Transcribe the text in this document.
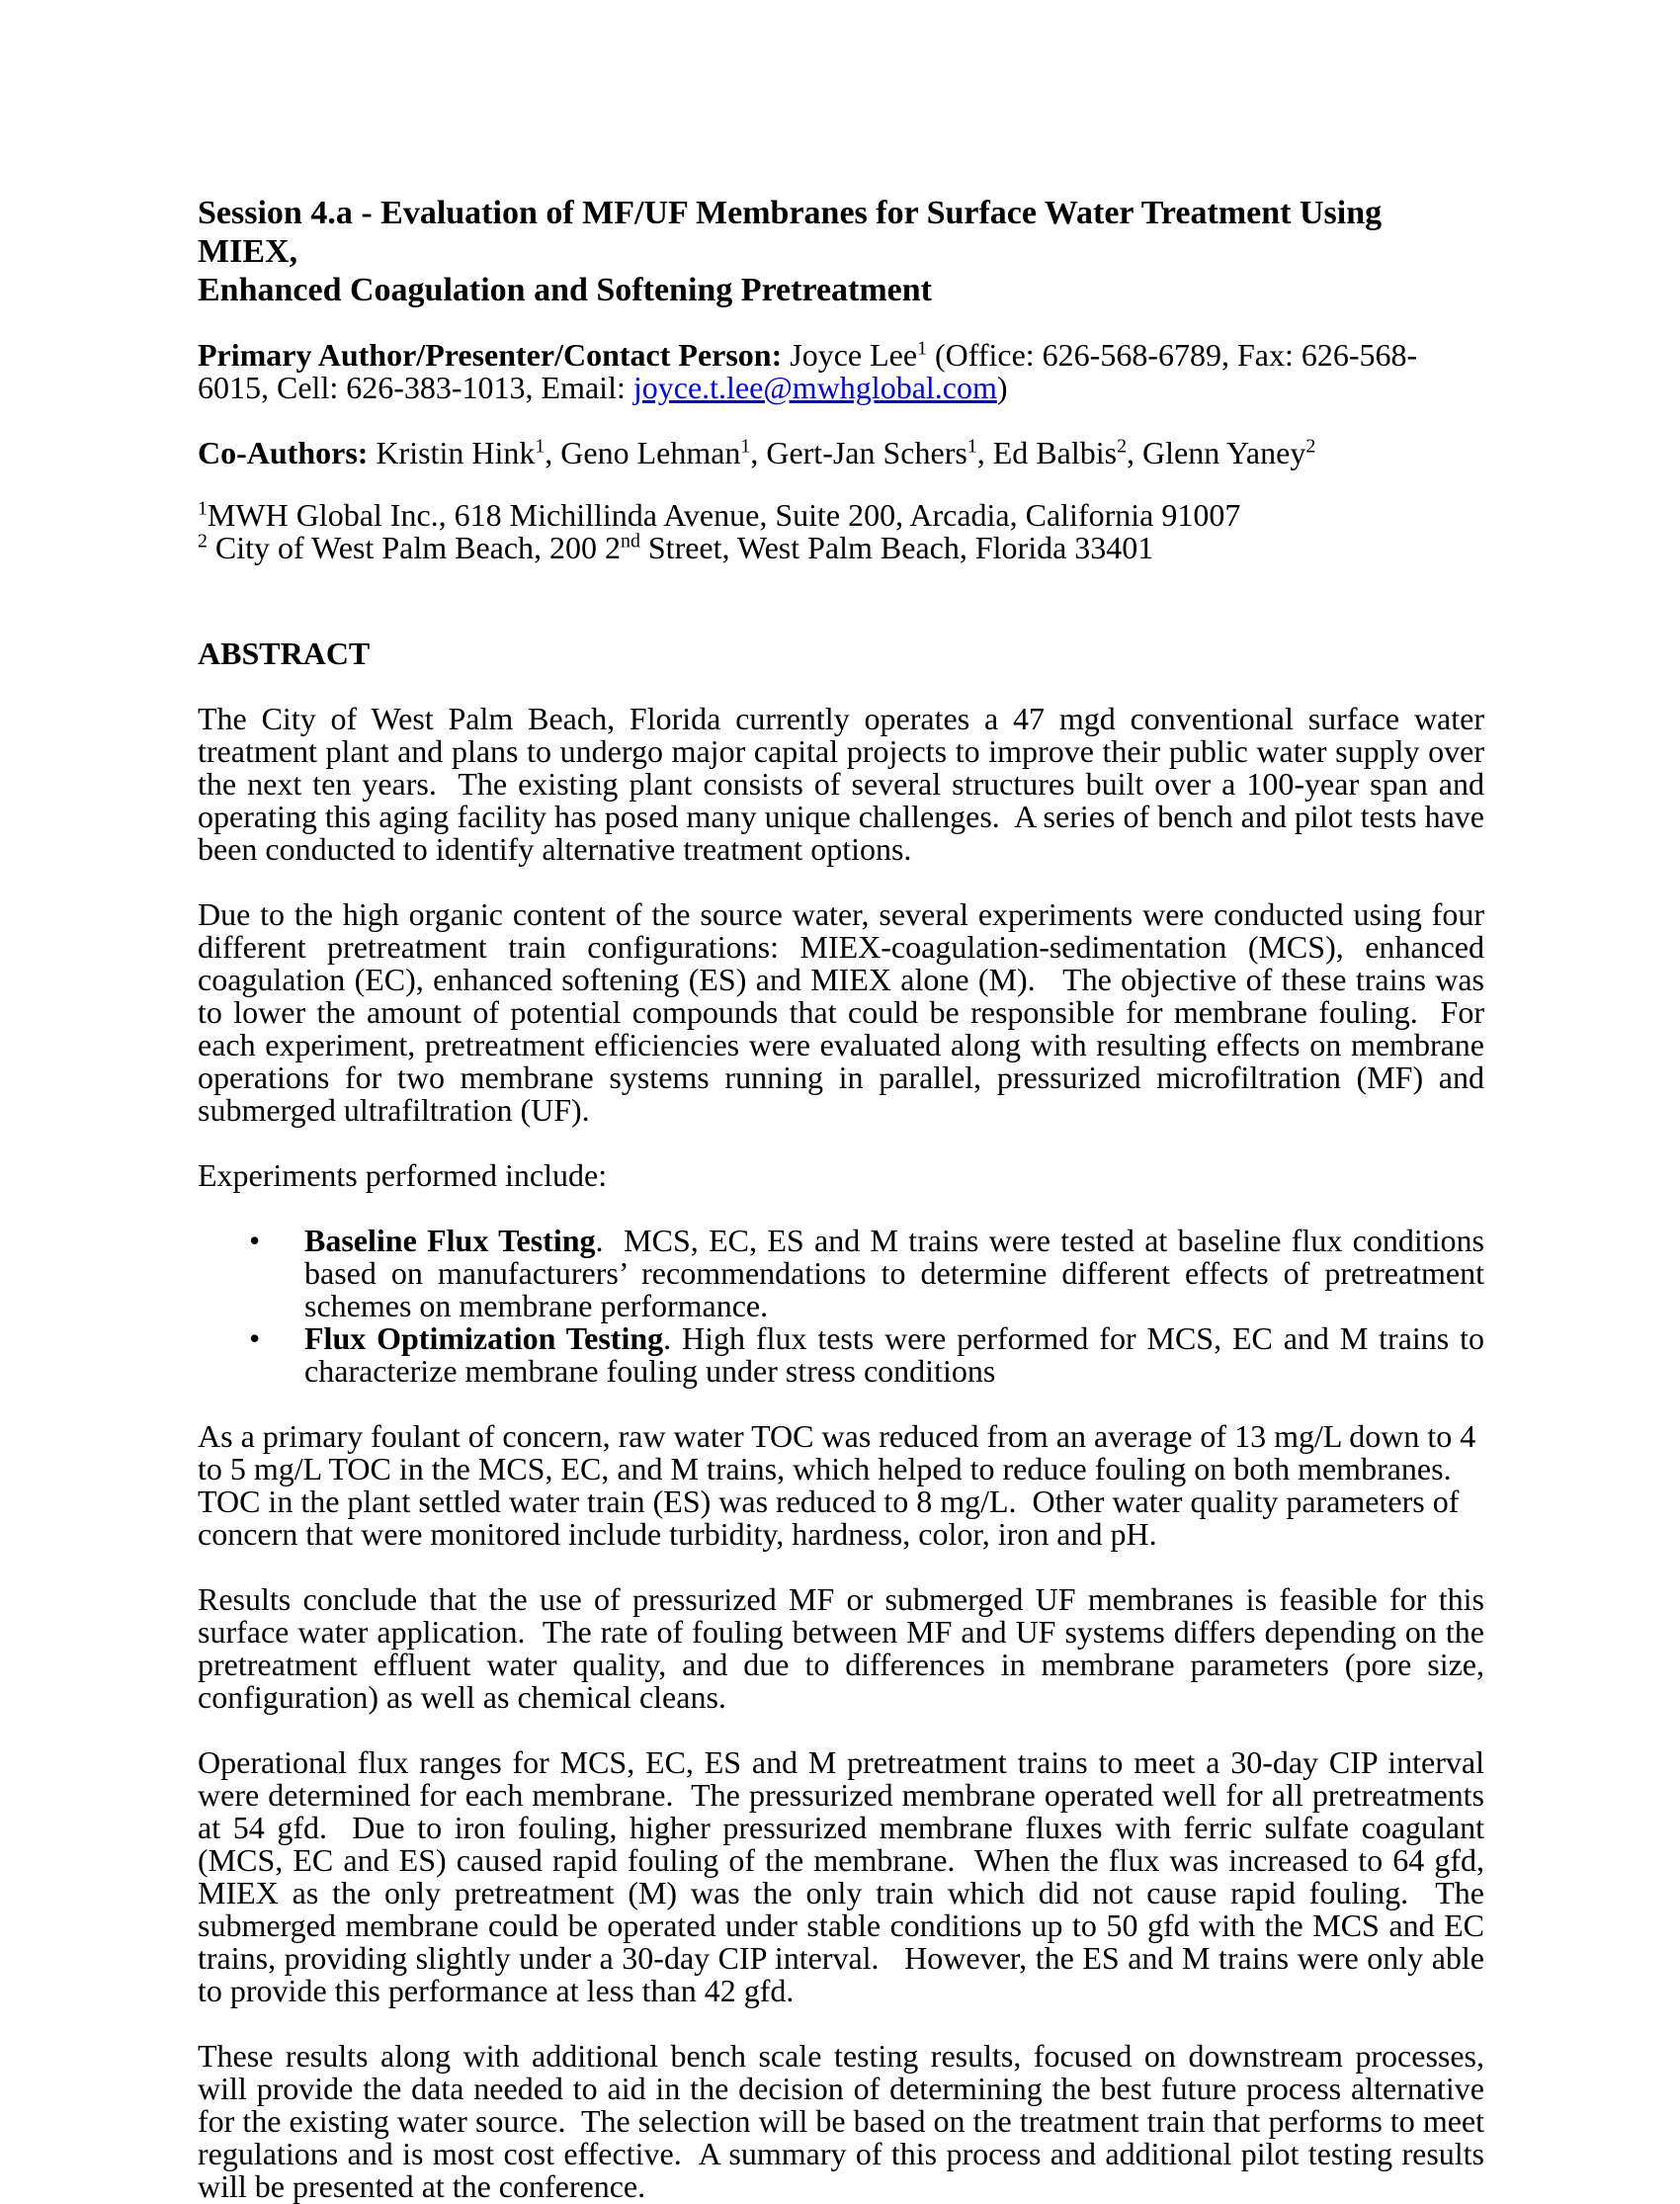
Session 4.a - Evaluation of MF/UF Membranes for Surface Water Treatment Using MIEX,
Enhanced Coagulation and Softening Pretreatment

Primary Author/Presenter/Contact Person: Joyce Lee$^1$ (Office: 626-568-6789, Fax: 626-568-6015, Cell: 626-383-1013, Email: joyce.t.lee@mwhglobal.com)

Co-Authors: Kristin Hink$^1$, Geno Lehman$^1$, Gert-Jan Schers$^1$, Ed Balbis$^2$, Glenn Yaney$^2$

$^1$MWH Global Inc., 618 Michillinda Avenue, Suite 200, Arcadia, California 91007
$^2$ City of West Palm Beach, 200 2nd Street, West Palm Beach, Florida 33401

ABSTRACT

The City of West Palm Beach, Florida currently operates a 47 mgd conventional surface water treatment plant and plans to undergo major capital projects to improve their public water supply over the next ten years.  The existing plant consists of several structures built over a 100-year span and operating this aging facility has posed many unique challenges.  A series of bench and pilot tests have been conducted to identify alternative treatment options.

Due to the high organic content of the source water, several experiments were conducted using four different pretreatment train configurations: MIEX-coagulation-sedimentation (MCS), enhanced coagulation (EC), enhanced softening (ES) and MIEX alone (M).   The objective of these trains was to lower the amount of potential compounds that could be responsible for membrane fouling.  For each experiment, pretreatment efficiencies were evaluated along with resulting effects on membrane operations for two membrane systems running in parallel, pressurized microfiltration (MF) and submerged ultrafiltration (UF).

Experiments performed include:

• Baseline Flux Testing.  MCS, EC, ES and M trains were tested at baseline flux conditions based on manufacturers’ recommendations to determine different effects of pretreatment schemes on membrane performance.
• Flux Optimization Testing. High flux tests were performed for MCS, EC and M trains to characterize membrane fouling under stress conditions

As a primary foulant of concern, raw water TOC was reduced from an average of 13 mg/L down to 4 to 5 mg/L TOC in the MCS, EC, and M trains, which helped to reduce fouling on both membranes.  TOC in the plant settled water train (ES) was reduced to 8 mg/L.  Other water quality parameters of concern that were monitored include turbidity, hardness, color, iron and pH.

Results conclude that the use of pressurized MF or submerged UF membranes is feasible for this surface water application.  The rate of fouling between MF and UF systems differs depending on the pretreatment effluent water quality, and due to differences in membrane parameters (pore size, configuration) as well as chemical cleans.

Operational flux ranges for MCS, EC, ES and M pretreatment trains to meet a 30-day CIP interval were determined for each membrane.  The pressurized membrane operated well for all pretreatments at 54 gfd.  Due to iron fouling, higher pressurized membrane fluxes with ferric sulfate coagulant (MCS, EC and ES) caused rapid fouling of the membrane.  When the flux was increased to 64 gfd, MIEX as the only pretreatment (M) was the only train which did not cause rapid fouling.  The submerged membrane could be operated under stable conditions up to 50 gfd with the MCS and EC trains, providing slightly under a 30-day CIP interval.   However, the ES and M trains were only able to provide this performance at less than 42 gfd.

These results along with additional bench scale testing results, focused on downstream processes, will provide the data needed to aid in the decision of determining the best future process alternative for the existing water source.  The selection will be based on the treatment train that performs to meet regulations and is most cost effective.  A summary of this process and additional pilot testing results will be presented at the conference.
